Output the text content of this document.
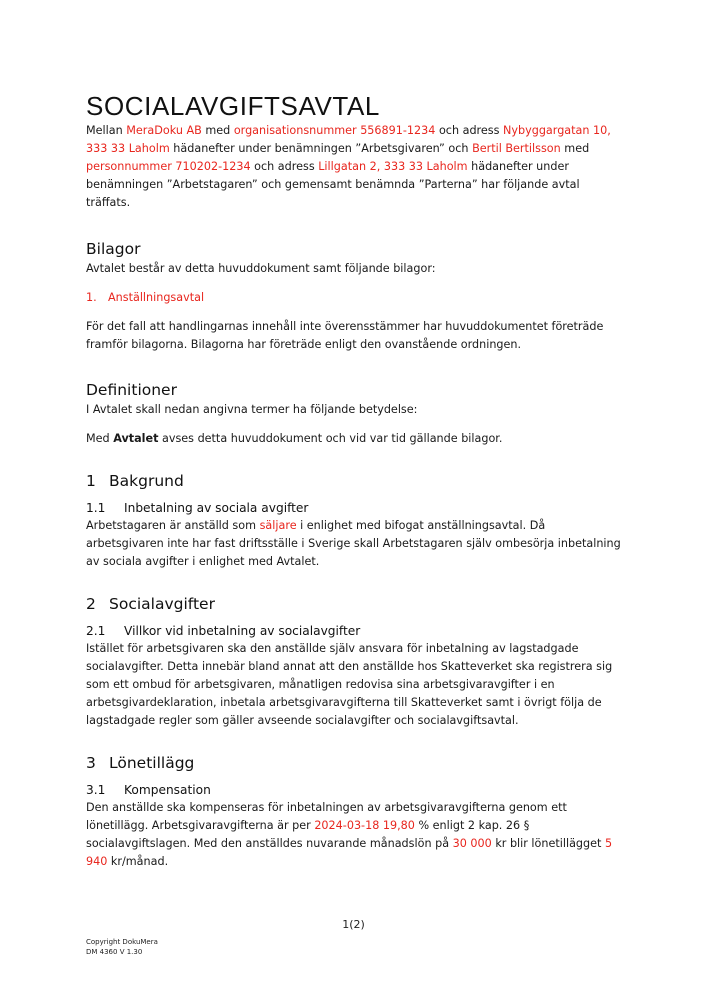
SOCIALAVGIFTSAVTAL

Mellan MeraDoku AB med organisationsnummer 556891-1234 och adress Nybyggargatan 10, 333 33 Laholm hädanefter under benämningen ”Arbetsgivaren” och Bertil Bertilsson med personnummer 710202-1234 och adress Lillgatan 2, 333 33 Laholm hädanefter under benämningen ”Arbetstagaren” och gemensamt benämnda ”Parterna” har följande avtal träffats.

Bilagor

Avtalet består av detta huvuddokument samt följande bilagor:

1. Anställningsavtal

För det fall att handlingarnas innehåll inte överensstämmer har huvuddokumentet företräde framför bilagorna. Bilagorna har företräde enligt den ovanstående ordningen.

Definitioner

I Avtalet skall nedan angivna termer ha följande betydelse:

Med Avtalet avses detta huvuddokument och vid var tid gällande bilagor.

1 Bakgrund
1.1 Inbetalning av sociala avgifter

Arbetstagaren är anställd som säljare i enlighet med bifogat anställningsavtal. Då arbetsgivaren inte har fast driftsställe i Sverige skall Arbetstagaren själv ombesörja inbetalning av sociala avgifter i enlighet med Avtalet.

2 Socialavgifter
2.1 Villkor vid inbetalning av socialavgifter

Istället för arbetsgivaren ska den anställde själv ansvara för inbetalning av lagstadgade socialavgifter. Detta innebär bland annat att den anställde hos Skatteverket ska registrera sig som ett ombud för arbetsgivaren, månatligen redovisa sina arbetsgivaravgifter i en arbetsgivardeklaration, inbetala arbetsgivaravgifterna till Skatteverket samt i övrigt följa de lagstadgade regler som gäller avseende socialavgifter och socialavgiftsavtal.

3 Lönetillägg
3.1 Kompensation

Den anställde ska kompenseras för inbetalningen av arbetsgivaravgifterna genom ett lönetillägg. Arbetsgivaravgifterna är per 2024-03-18 19,80 % enligt 2 kap. 26 § socialavgiftslagen. Med den anställdes nuvarande månadslön på 30 000 kr blir lönetillägget 5 940 kr/månad.

1(2)
Copyright DokuMera
DM 4360 V 1.30
